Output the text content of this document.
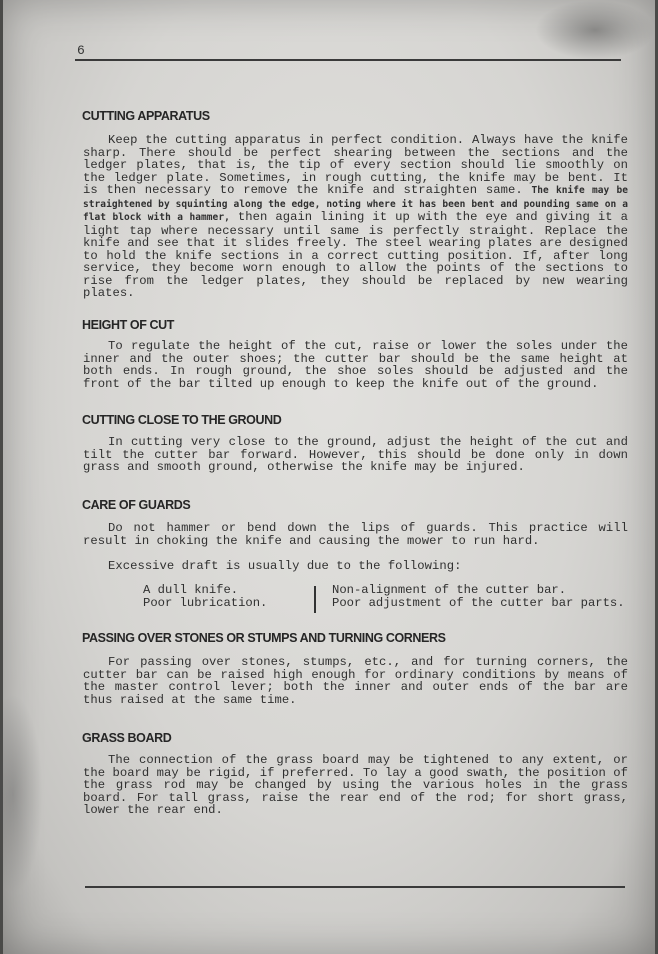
6
CUTTING APPARATUS

Keep the cutting apparatus in perfect condition. Always have the knife sharp. There should be perfect shearing between the sections and the ledger plates, that is, the tip of every section should lie smoothly on the ledger plate. Sometimes, in rough cutting, the knife may be bent. It is then necessary to remove the knife and straighten same. The knife may be straightened by squinting along the edge, noting where it has been bent and pounding same on a flat block with a hammer, then again lining it up with the eye and giving it a light tap where necessary until same is perfectly straight. Replace the knife and see that it slides freely. The steel wearing plates are designed to hold the knife sections in a correct cutting position. If, after long service, they become worn enough to allow the points of the sections to rise from the ledger plates, they should be replaced by new wearing plates.

HEIGHT OF CUT

To regulate the height of the cut, raise or lower the soles under the inner and the outer shoes; the cutter bar should be the same height at both ends. In rough ground, the shoe soles should be adjusted and the front of the bar tilted up enough to keep the knife out of the ground.

CUTTING CLOSE TO THE GROUND

In cutting very close to the ground, adjust the height of the cut and tilt the cutter bar forward. However, this should be done only in down grass and smooth ground, otherwise the knife may be injured.

CARE OF GUARDS

Do not hammer or bend down the lips of guards. This practice will result in choking the knife and causing the mower to run hard.

Excessive draft is usually due to the following:

A dull knife.
Poor lubrication.
Non-alignment of the cutter bar.
Poor adjustment of the cutter bar parts.
PASSING OVER STONES OR STUMPS AND TURNING CORNERS

For passing over stones, stumps, etc., and for turning corners, the cutter bar can be raised high enough for ordinary conditions by means of the master control lever; both the inner and outer ends of the bar are thus raised at the same time.

GRASS BOARD

The connection of the grass board may be tightened to any extent, or the board may be rigid, if preferred. To lay a good swath, the position of the grass rod may be changed by using the various holes in the grass board. For tall grass, raise the rear end of the rod; for short grass, lower the rear end.
